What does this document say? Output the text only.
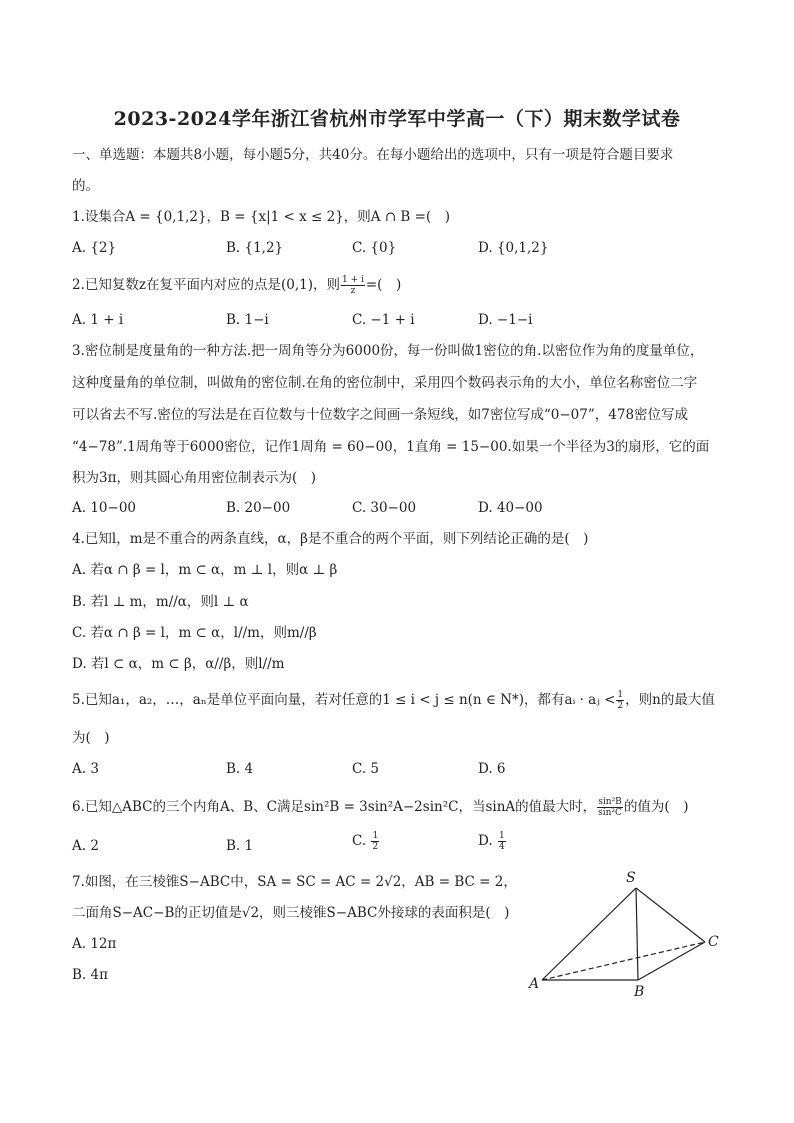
2023-2024学年浙江省杭州市学军中学高一（下）期末数学试卷
一、单选题：本题共8小题，每小题5分，共40分。在每小题给出的选项中，只有一项是符合题目要求
的。
1.设集合A = {0,1,2}，B = {x|1 < x ≤ 2}，则A ∩ B =(　)
A. {2}	B. {1,2}	C. {0}	D. {0,1,2}
2.已知复数z在复平面内对应的点是(0,1)，则 $\frac{1 + i}{z}$ =(　)
A. 1 + i	B. 1−i	C. −1 + i	D. −1−i
3.密位制是度量角的一种方法.把一周角等分为6000份，每一份叫做1密位的角.以密位作为角的度量单位，
这种度量角的单位制，叫做角的密位制.在角的密位制中，采用四个数码表示角的大小，单位名称密位二字
可以省去不写.密位的写法是在百位数与十位数字之间画一条短线，如7密位写成“0−07”，478密位写成
“4−78”.1周角等于6000密位，记作1周角 = 60−00，1直角 = 15−00.如果一个半径为3的扇形，它的面
积为3π，则其圆心角用密位制表示为(　)
A. 10−00	B. 20−00	C. 30−00	D. 40−00
4.已知l，m是不重合的两条直线，α，β是不重合的两个平面，则下列结论正确的是(　)
A. 若α ∩ β = l，m ⊂ α，m ⊥ l，则α ⊥ β
B. 若l ⊥ m，m//α，则l ⊥ α
C. 若α ∩ β = l，m ⊂ α，l//m，则m//β
D. 若l ⊂ α，m ⊂ β，α//β，则l//m
5.已知a₁，a₂，…，aₙ是单位平面向量，若对任意的1 ≤ i < j ≤ n(n ∈ N*)，都有aᵢ · aⱼ < $\frac{1}{2}$ ，则n的最大值
为(　)
A. 3	B. 4	C. 5	D. 6
6.已知△ABC的三个内角A、B、C满足sin²B = 3sin²A−2sin²C，当sinA的值最大时， $\frac{\text{sin²B}}{\text{sin²C}}$ 的值为(　)
A. 2	B. 1	C. $\frac{1}{2}$	D. $\frac{1}{4}$
7.如图，在三棱锥S−ABC中，SA = SC = AC = 2√2，AB = BC = 2，
二面角S−AC−B的正切值是√2，则三棱锥S−ABC外接球的表面积是(　)
A. 12π
B. 4π
S
A	B
C
